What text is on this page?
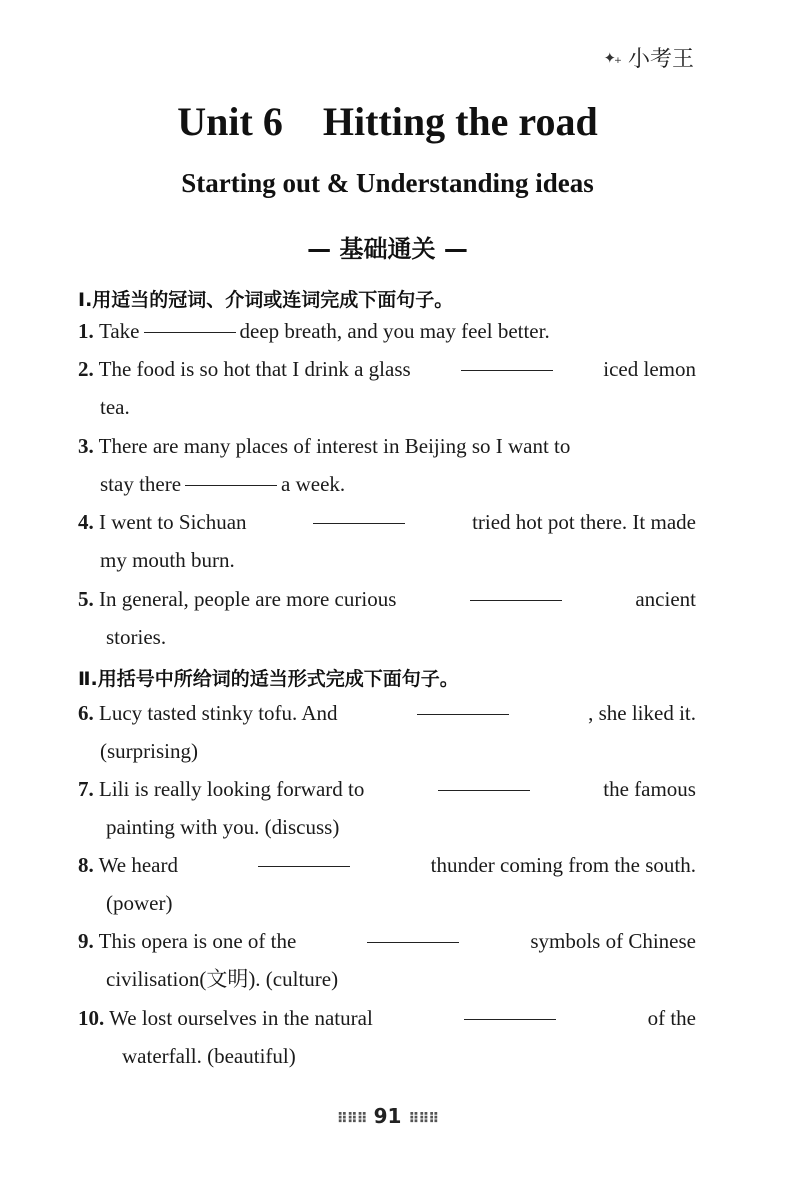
✦₊ 小考王
Unit 6    Hitting the road
Starting out & Understanding ideas
— 基础通关 —
Ⅰ.用适当的冠词、介词或连词完成下面句子。
1.
Take	deep breath, and you may feel better.
2. The food is so hot that I drink a glass	iced lemon
tea.
3. There are many places of interest in Beijing so I want to
stay there	a week.
4. I went to Sichuan	tried hot pot there. It made
my mouth burn.
5. In general, people are more curious	ancient
stories.
Ⅱ.用括号中所给词的适当形式完成下面句子。
6. Lucy tasted stinky tofu. And	, she liked it.
(surprising)
7. Lili is really looking forward to	the famous
painting with you. (discuss)
8. We heard	thunder coming from the south.
(power)
9. This opera is one of the	symbols of Chinese
civilisation(文明). (culture)
10. We lost ourselves in the natural	of the
waterfall. (beautiful)
⠿⠿⠿ 91 ⠿⠿⠿
